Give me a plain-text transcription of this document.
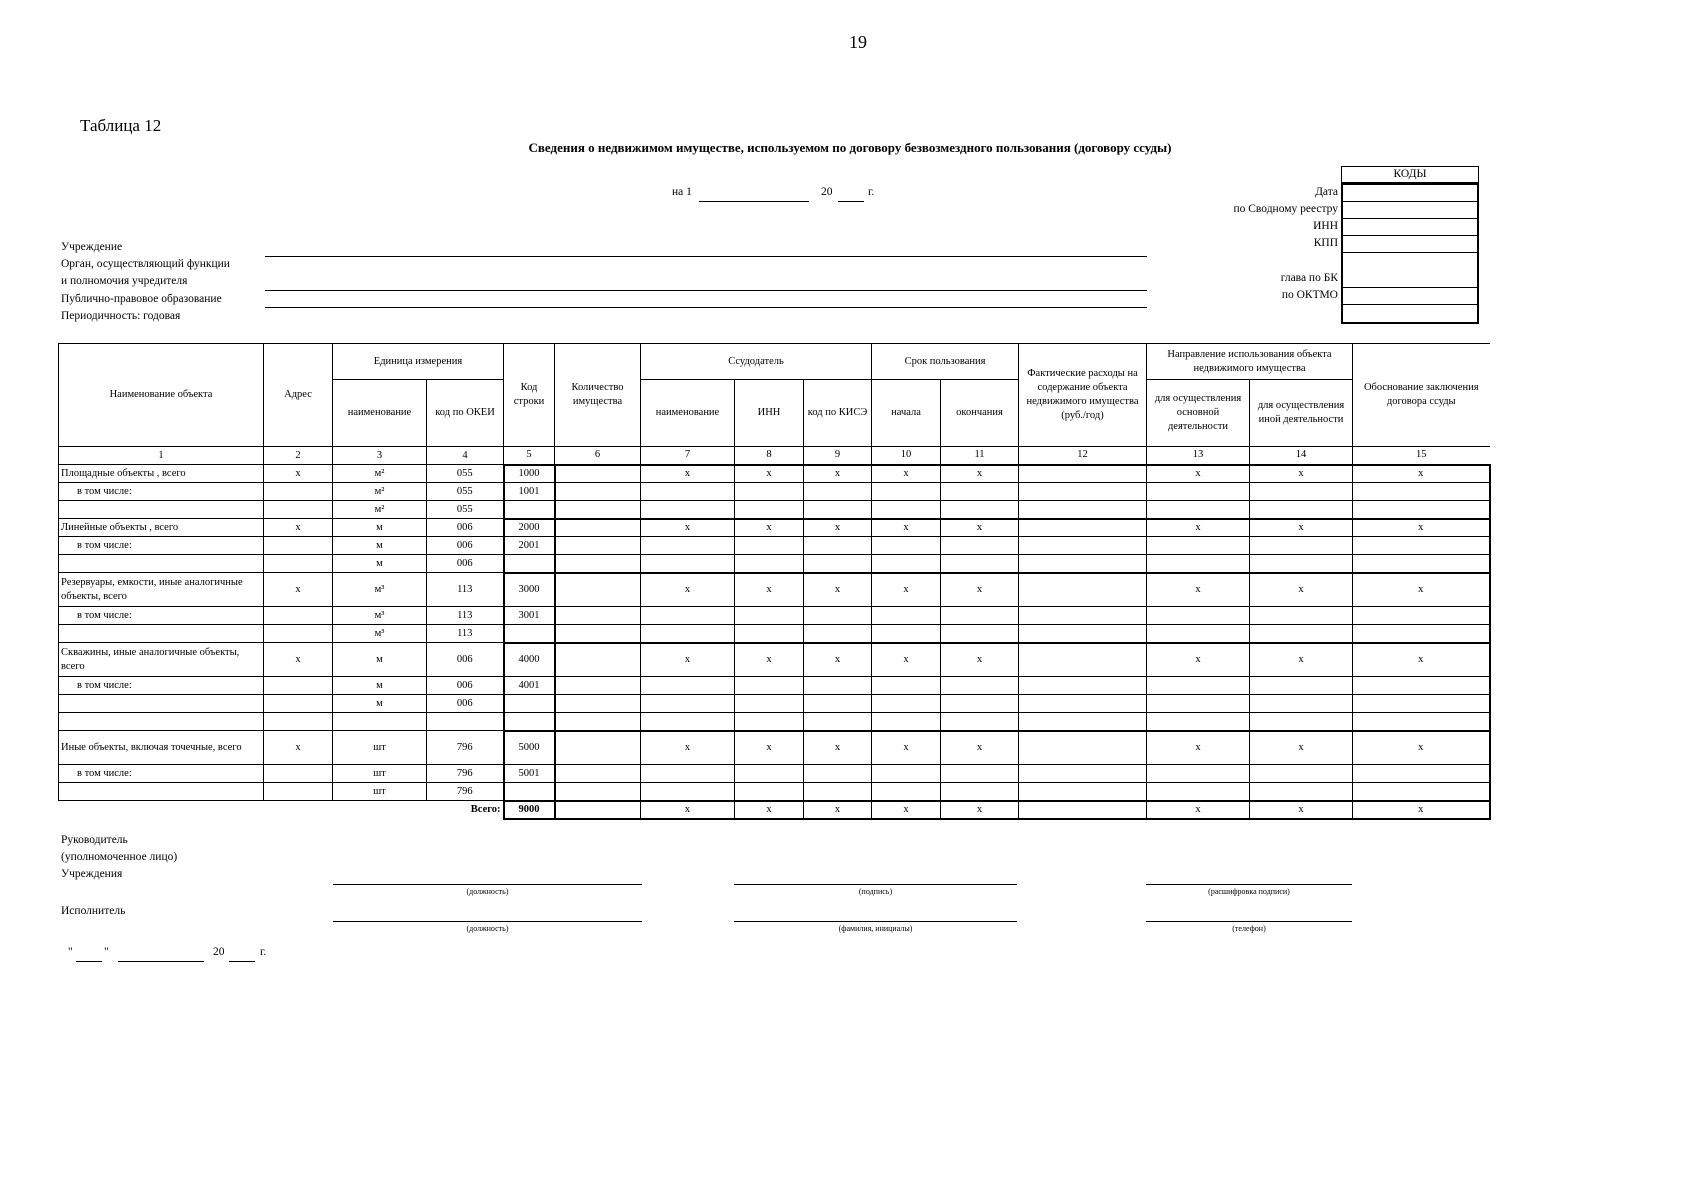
19
Таблица 12
Сведения о недвижимом имуществе, используемом по договору безвозмездного пользования (договору ссуды)
на 1	20	г.	Дата
по Сводному реестру
ИНН
КПП
глава по БК
по ОКТМО
КОДЫ
Учреждение
Орган, осуществляющий функции
и полномочия учредителя
Публично-правовое образование
Периодичность: годовая
Наименование объекта	Адрес	Единица измерения		Код строки	Количество имущества	Ссудодатель			Срок пользования		Фактические расходы на содержание объекта недвижимого имущества (руб./год)	Направление использования объекта недвижимого имущества		Обоснование заключения договора ссуды
		наименование	код по ОКЕИ			наименование	ИНН	код по КИСЭ	начала	окончания		для осуществления основной деятельности	для осуществления иной деятельности	
1	2	3	4	5	6	7	8	9	10	11	12	13	14	15
Площадные объекты , всего	x	м²	055	1000		x	x	x	x	x		x	x	x
в том числе:		м²	055	1001										
		м²	055											
Линейные объекты , всего	x	м	006	2000		x	x	x	x	x		x	x	x
в том числе:		м	006	2001										
		м	006											
Резервуары, емкости, иные аналогичные объекты, всего	x	м³	113	3000		x	x	x	x	x		x	x	x
в том числе:		м³	113	3001										
		м³	113											
Скважины, иные аналогичные объекты, всего	x	м	006	4000		x	x	x	x	x		x	x	x
в том числе:		м	006	4001										
		м	006											

Иные объекты, включая точечные, всего	x	шт	796	5000		x	x	x	x	x		x	x	x
в том числе:		шт	796	5001										
		шт	796											
Всего:				9000		x	x	x	x	x		x	x	x
Руководитель
(уполномоченное лицо)
Учреждения
(должность)	(подпись)	(расшифровка подписи)
Исполнитель
(должность)	(фамилия, инициалы)	(телефон)
"	"	20	г.
